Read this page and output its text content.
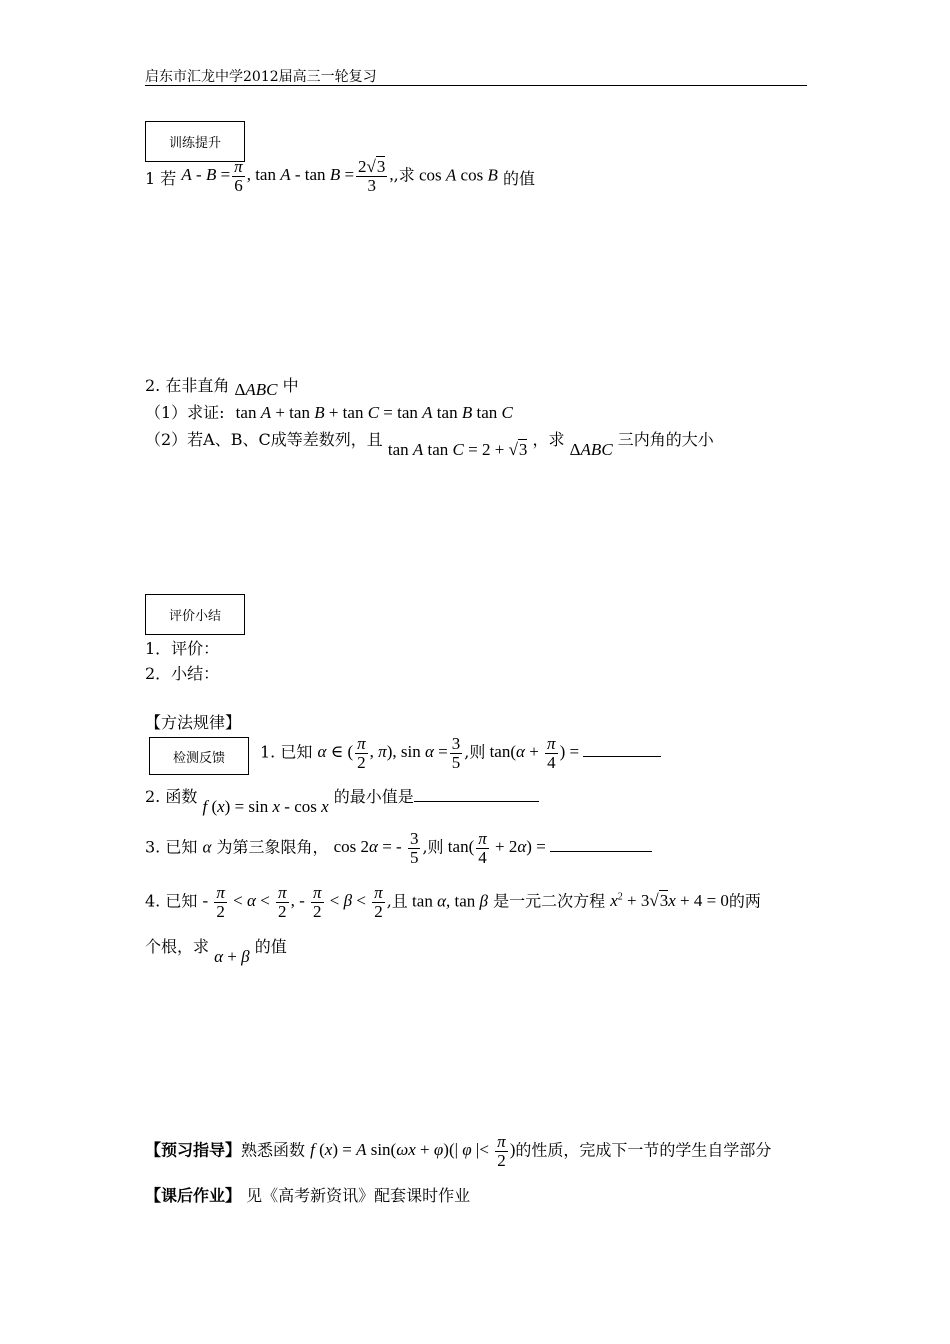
启东市汇龙中学2012届高三一轮复习
训练提升
1 若 $A - B = \frac{\pi}{6}$ , $\tan A - \tan B = \frac{2√3}{3}$ ,,求 cos A cos B 的值
2. 在非直角 ΔABC 中
（1）求证: tan A + tan B + tan C = tan A tan B tan C
（2）若A、B、C成等差数列，且 tan A tan C = 2 + √3 ，求 ΔABC 三内角的大小
评价小结
1．评价：
2．小结：
【方法规律】
检测反馈	1. 已知 α ∈ ( $\frac{\pi}{2}$ , π), $\sin \alpha = \frac{3}{5}$ ,则 $\tan(\alpha + \frac{\pi}{4}$ ) =
2. 函数 f (x) = sin x - cos x 的最小值是
3. 已知 α 为第三象限角， cos 2α = - $\frac{3}{5}$ ,则 $\tan( \frac{\pi}{4} + 2\alpha)$ =
4. 已知 - $\frac{\pi}{2} < \alpha < \frac{\pi}{2}$ , - $\frac{\pi}{2} < \beta < \frac{\pi}{2}$ ,且 tan α, tan β 是一元二次方程 $x^2 + 3√3x + 4 = 0$的两
个根，求 α + β 的值
【预习指导】熟悉函数 f (x) = A sin(ωx + φ)(| φ |< $\frac{\pi}{2}$ )的性质，完成下一节的学生自学部分
【课后作业】 见《高考新资讯》配套课时作业
